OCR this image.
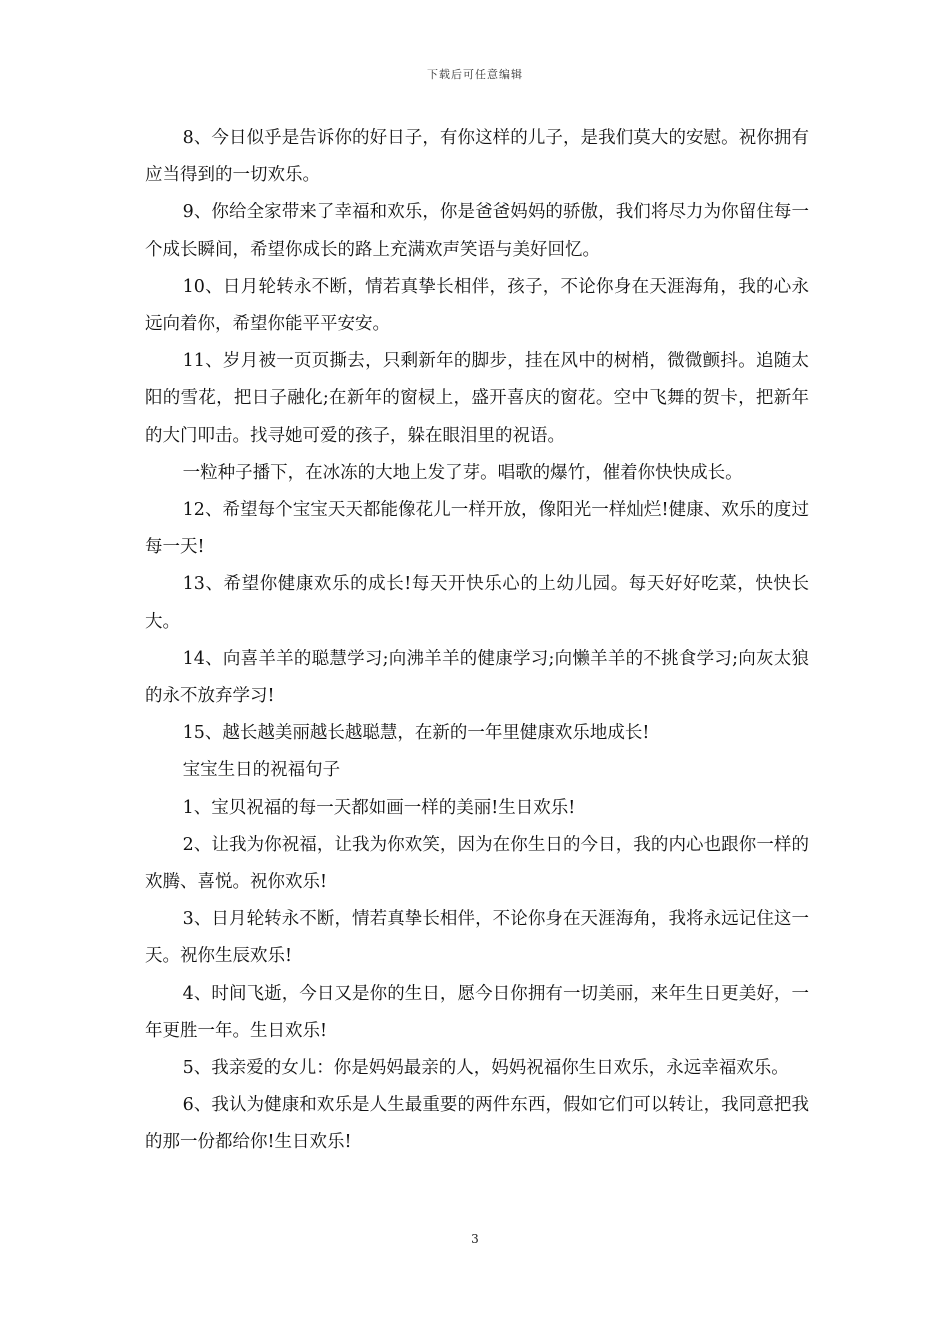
下载后可任意编辑

8、今日似乎是告诉你的好日子，有你这样的儿子，是我们莫大的安慰。祝你拥有应当得到的一切欢乐。

9、你给全家带来了幸福和欢乐，你是爸爸妈妈的骄傲，我们将尽力为你留住每一个成长瞬间，希望你成长的路上充满欢声笑语与美好回忆。

10、日月轮转永不断，情若真挚长相伴，孩子，不论你身在天涯海角，我的心永远向着你，希望你能平平安安。

11、岁月被一页页撕去，只剩新年的脚步，挂在风中的树梢，微微颤抖。追随太阳的雪花，把日子融化;在新年的窗棂上，盛开喜庆的窗花。空中飞舞的贺卡，把新年的大门叩击。找寻她可爱的孩子，躲在眼泪里的祝语。

一粒种子播下，在冰冻的大地上发了芽。唱歌的爆竹，催着你快快成长。

12、希望每个宝宝天天都能像花儿一样开放，像阳光一样灿烂!健康、欢乐的度过每一天!

13、希望你健康欢乐的成长!每天开快乐心的上幼儿园。每天好好吃菜，快快长大。

14、向喜羊羊的聪慧学习;向沸羊羊的健康学习;向懒羊羊的不挑食学习;向灰太狼的永不放弃学习!

15、越长越美丽越长越聪慧，在新的一年里健康欢乐地成长!

宝宝生日的祝福句子

1、宝贝祝福的每一天都如画一样的美丽!生日欢乐!

2、让我为你祝福，让我为你欢笑，因为在你生日的今日，我的内心也跟你一样的欢腾、喜悦。祝你欢乐!

3、日月轮转永不断，情若真挚长相伴，不论你身在天涯海角，我将永远记住这一天。祝你生辰欢乐!

4、时间飞逝，今日又是你的生日，愿今日你拥有一切美丽，来年生日更美好，一年更胜一年。生日欢乐!

5、我亲爱的女儿：你是妈妈最亲的人，妈妈祝福你生日欢乐，永远幸福欢乐。

6、我认为健康和欢乐是人生最重要的两件东西，假如它们可以转让，我同意把我的那一份都给你!生日欢乐!

3
